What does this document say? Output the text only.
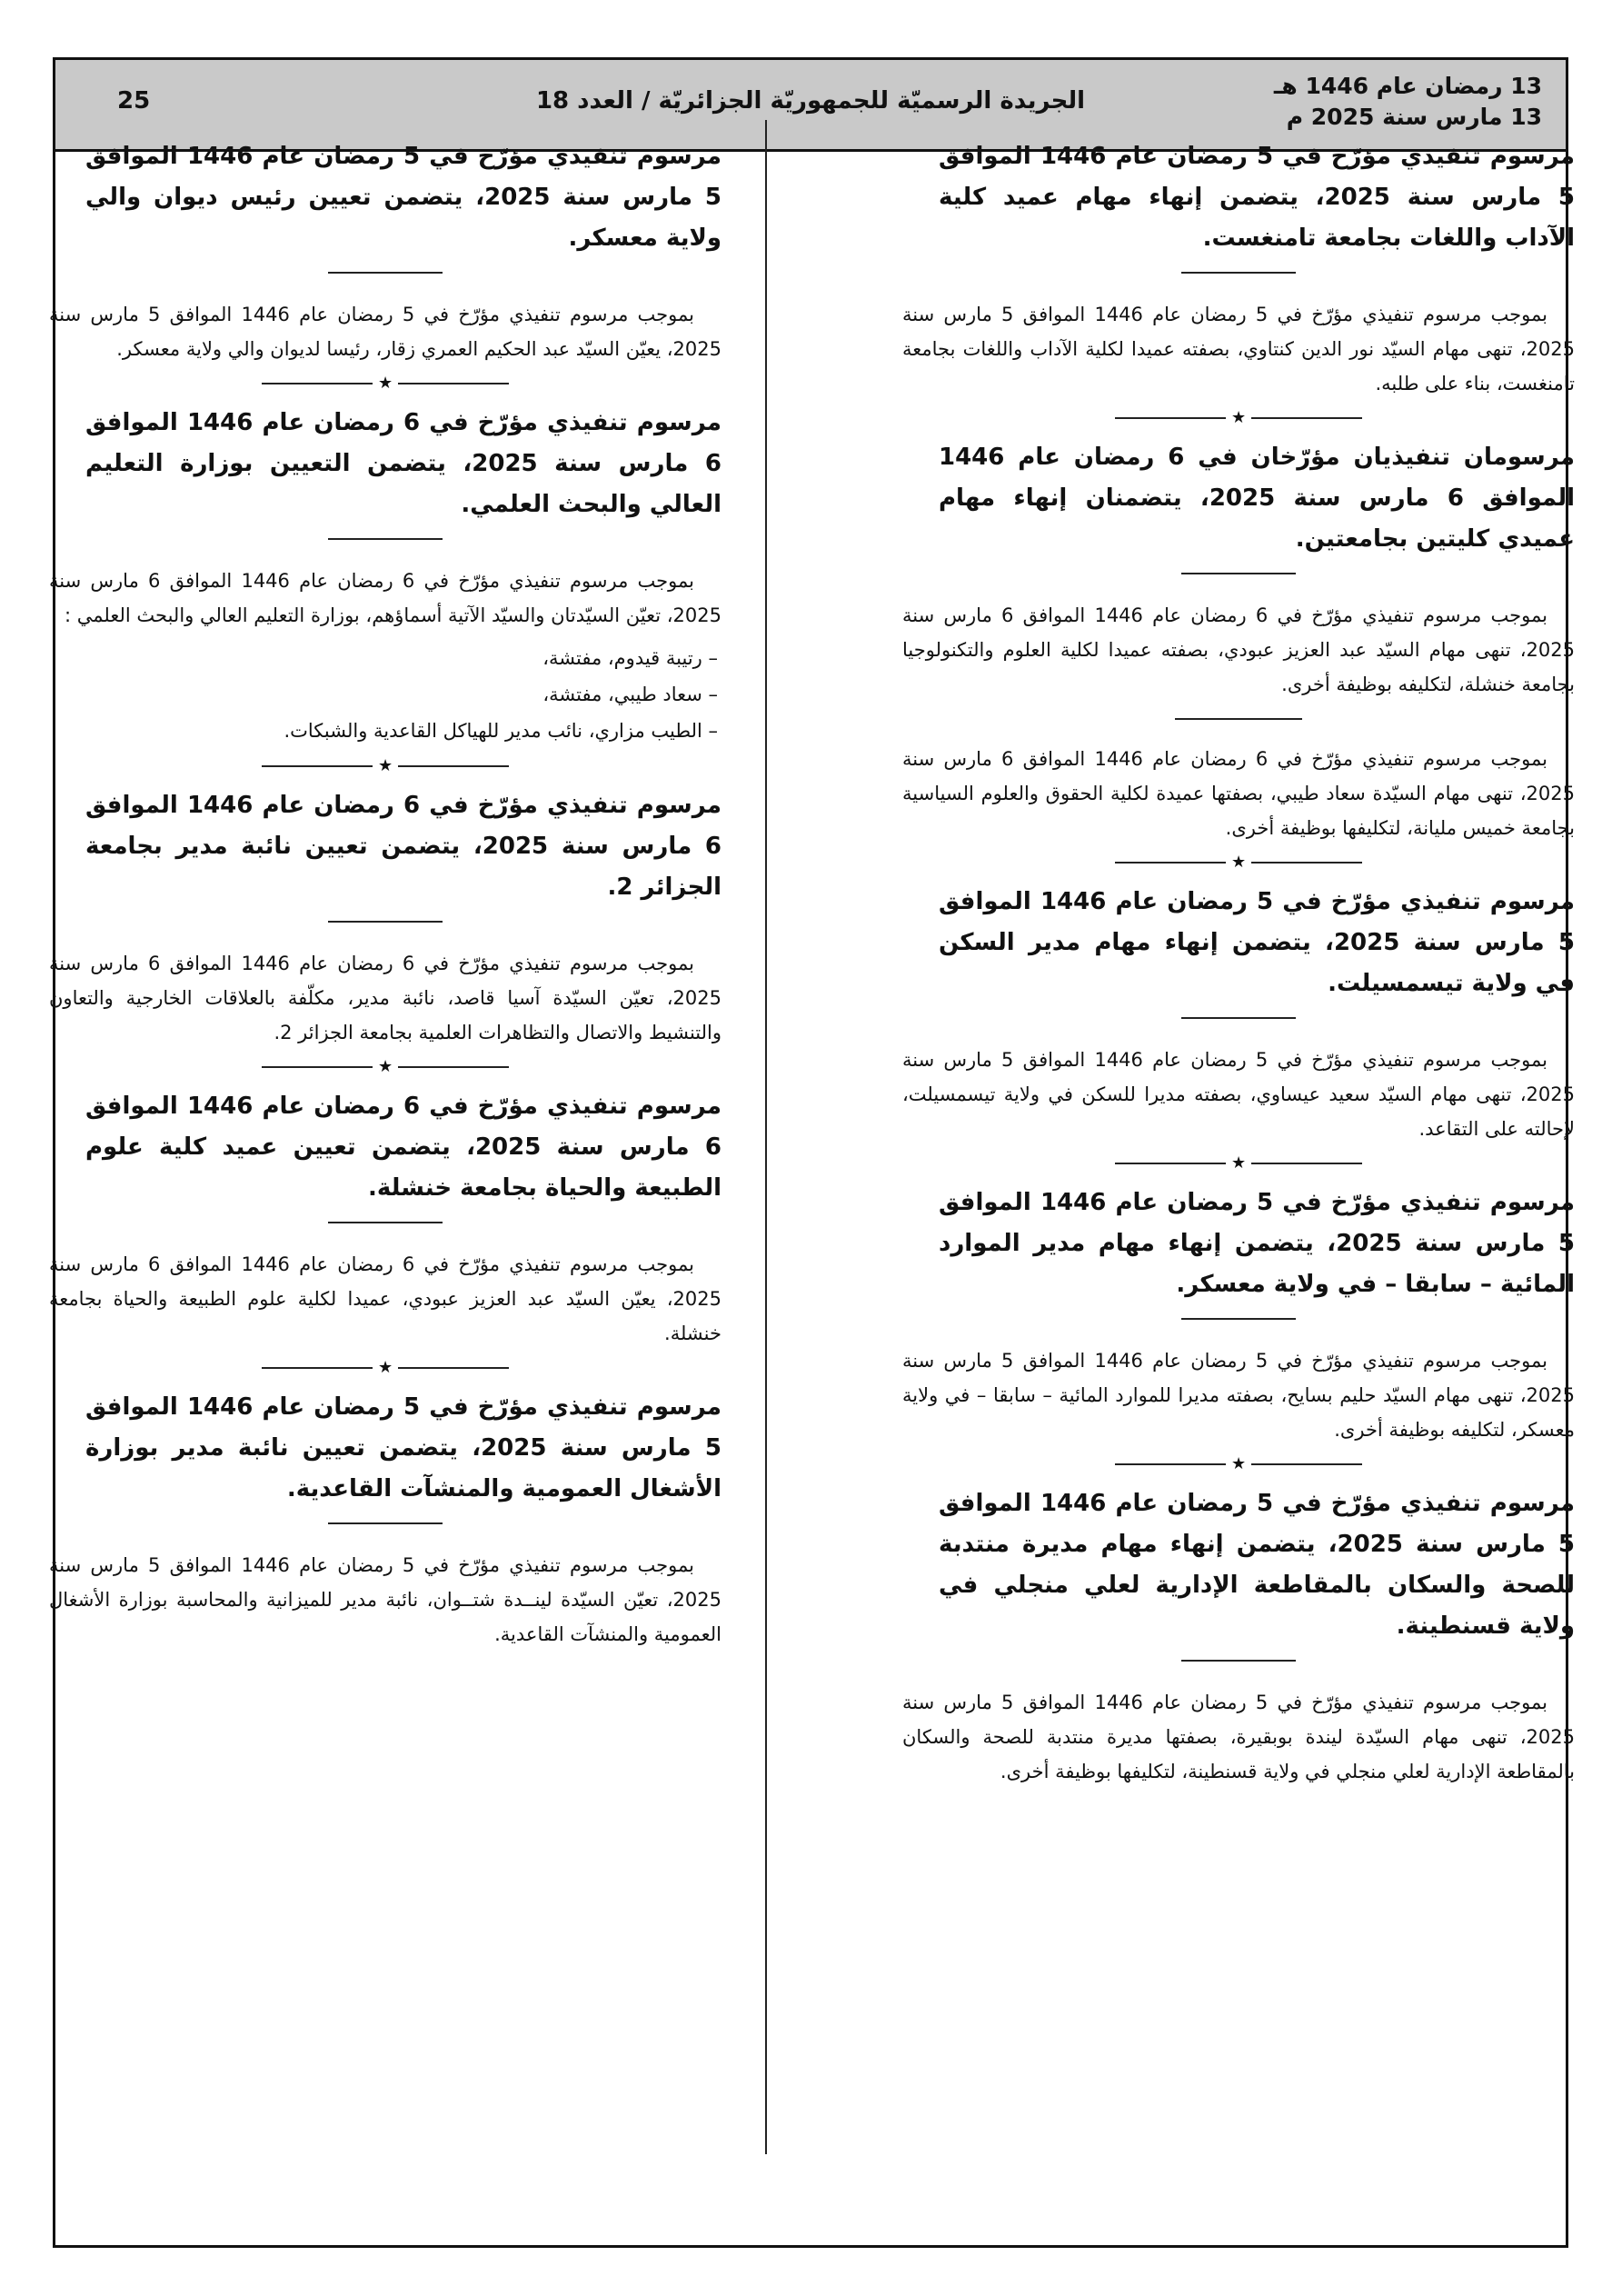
13 رمضان عام 1446 هـ
13 مارس سنة 2025 م
الجريدة الرسميّة للجمهوريّة الجزائريّة / العدد 18
25

مرسوم تنفيذي مؤرّخ في 5 رمضان عام 1446 الموافق 5 مارس سنة 2025، يتضمن إنهاء مهام عميد كلية الآداب واللغات بجامعة تامنغست.

بموجب مرسوم تنفيذي مؤرّخ في 5 رمضان عام 1446 الموافق 5 مارس سنة 2025، تنهى مهام السيّد نور الدين كنتاوي، بصفته عميدا لكلية الآداب واللغات بجامعة تامنغست، بناء على طلبه.

★

مرسومان تنفيذيان مؤرّخان في 6 رمضان عام 1446 الموافق 6 مارس سنة 2025، يتضمنان إنهاء مهام عميدي كليتين بجامعتين.

بموجب مرسوم تنفيذي مؤرّخ في 6 رمضان عام 1446 الموافق 6 مارس سنة 2025، تنهى مهام السيّد عبد العزيز عبودي، بصفته عميدا لكلية العلوم والتكنولوجيا بجامعة خنشلة، لتكليفه بوظيفة أخرى.

بموجب مرسوم تنفيذي مؤرّخ في 6 رمضان عام 1446 الموافق 6 مارس سنة 2025، تنهى مهام السيّدة سعاد طيبي، بصفتها عميدة لكلية الحقوق والعلوم السياسية بجامعة خميس مليانة، لتكليفها بوظيفة أخرى.

★

مرسوم تنفيذي مؤرّخ في 5 رمضان عام 1446 الموافق 5 مارس سنة 2025، يتضمن إنهاء مهام مدير السكن في ولاية تيسمسيلت.

بموجب مرسوم تنفيذي مؤرّخ في 5 رمضان عام 1446 الموافق 5 مارس سنة 2025، تنهى مهام السيّد سعيد عيساوي، بصفته مديرا للسكن في ولاية تيسمسيلت، لإحالته على التقاعد.

★

مرسوم تنفيذي مؤرّخ في 5 رمضان عام 1446 الموافق 5 مارس سنة 2025، يتضمن إنهاء مهام مدير الموارد المائية – سابقا – في ولاية معسكر.

بموجب مرسوم تنفيذي مؤرّخ في 5 رمضان عام 1446 الموافق 5 مارس سنة 2025، تنهى مهام السيّد حليم بسايح، بصفته مديرا للموارد المائية – سابقا – في ولاية معسكر، لتكليفه بوظيفة أخرى.

★

مرسوم تنفيذي مؤرّخ في 5 رمضان عام 1446 الموافق 5 مارس سنة 2025، يتضمن إنهاء مهام مديرة منتدبة للصحة والسكان بالمقاطعة الإدارية لعلي منجلي في ولاية قسنطينة.

بموجب مرسوم تنفيذي مؤرّخ في 5 رمضان عام 1446 الموافق 5 مارس سنة 2025، تنهى مهام السيّدة ليندة بوبقيرة، بصفتها مديرة منتدبة للصحة والسكان بالمقاطعة الإدارية لعلي منجلي في ولاية قسنطينة، لتكليفها بوظيفة أخرى.

مرسوم تنفيذي مؤرّخ في 5 رمضان عام 1446 الموافق 5 مارس سنة 2025، يتضمن تعيين رئيس ديوان والي ولاية معسكر.

بموجب مرسوم تنفيذي مؤرّخ في 5 رمضان عام 1446 الموافق 5 مارس سنة 2025، يعيّن السيّد عبد الحكيم العمري زقار، رئيسا لديوان والي ولاية معسكر.

★

مرسوم تنفيذي مؤرّخ في 6 رمضان عام 1446 الموافق 6 مارس سنة 2025، يتضمن التعيين بوزارة التعليم العالي والبحث العلمي.

بموجب مرسوم تنفيذي مؤرّخ في 6 رمضان عام 1446 الموافق 6 مارس سنة 2025، تعيّن السيّدتان والسيّد الآتية أسماؤهم، بوزارة التعليم العالي والبحث العلمي :

– رتيبة قيدوم، مفتشة،

– سعاد طيبي، مفتشة،

– الطيب مزاري، نائب مدير للهياكل القاعدية والشبكات.

★

مرسوم تنفيذي مؤرّخ في 6 رمضان عام 1446 الموافق 6 مارس سنة 2025، يتضمن تعيين نائبة مدير بجامعة الجزائر 2.

بموجب مرسوم تنفيذي مؤرّخ في 6 رمضان عام 1446 الموافق 6 مارس سنة 2025، تعيّن السيّدة آسيا قاصد، نائبة مدير، مكلّفة بالعلاقات الخارجية والتعاون والتنشيط والاتصال والتظاهرات العلمية بجامعة الجزائر 2.

★

مرسوم تنفيذي مؤرّخ في 6 رمضان عام 1446 الموافق 6 مارس سنة 2025، يتضمن تعيين عميد كلية علوم الطبيعة والحياة بجامعة خنشلة.

بموجب مرسوم تنفيذي مؤرّخ في 6 رمضان عام 1446 الموافق 6 مارس سنة 2025، يعيّن السيّد عبد العزيز عبودي، عميدا لكلية علوم الطبيعة والحياة بجامعة خنشلة.

★

مرسوم تنفيذي مؤرّخ في 5 رمضان عام 1446 الموافق 5 مارس سنة 2025، يتضمن تعيين نائبة مدير بوزارة الأشغال العمومية والمنشآت القاعدية.

بموجب مرسوم تنفيذي مؤرّخ في 5 رمضان عام 1446 الموافق 5 مارس سنة 2025، تعيّن السيّدة لينــدة شتــوان، نائبة مدير للميزانية والمحاسبة بوزارة الأشغال العمومية والمنشآت القاعدية.
